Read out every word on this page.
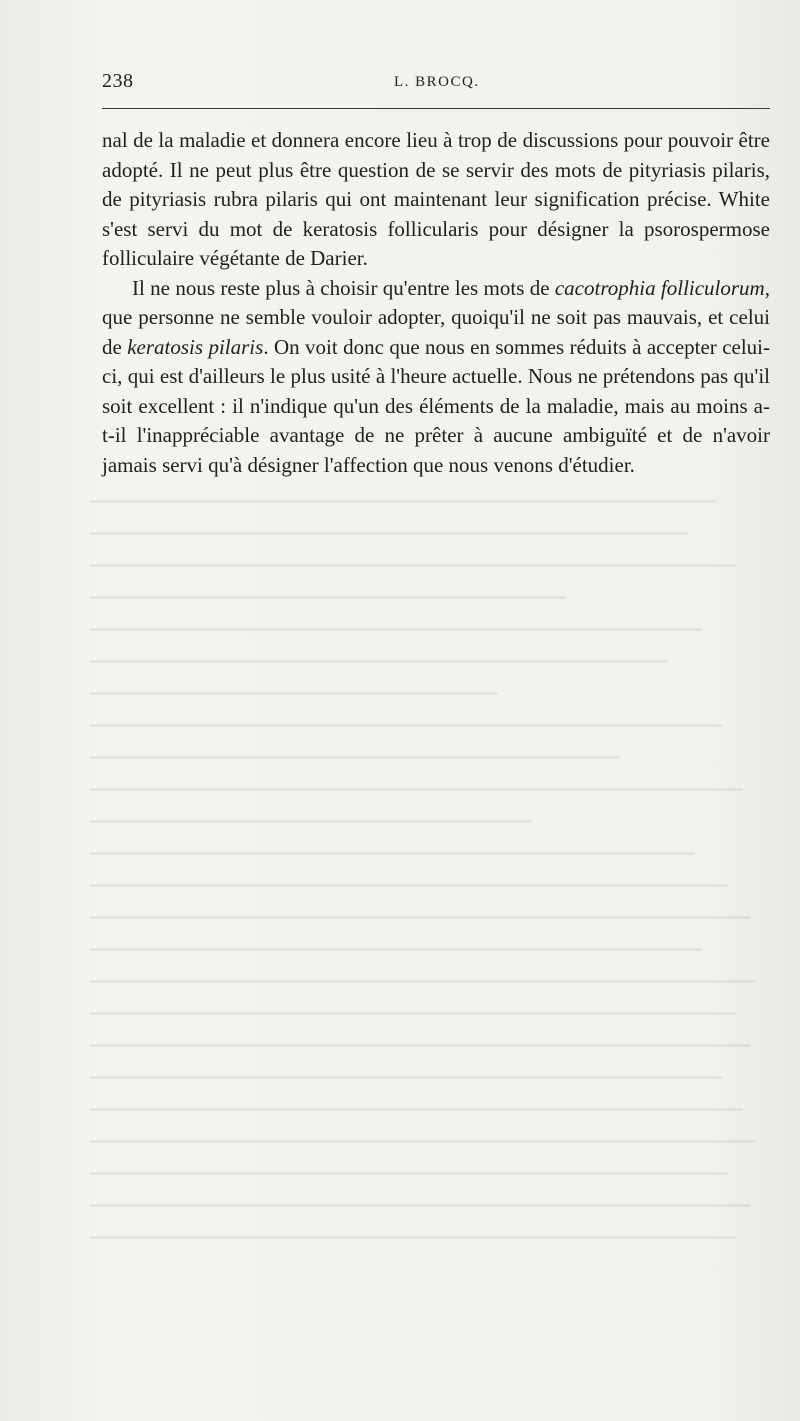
238	L. BROCQ.

nal de la maladie et donnera encore lieu à trop de discussions pour pouvoir être adopté. Il ne peut plus être question de se servir des mots de pityriasis pilaris, de pityriasis rubra pilaris qui ont maintenant leur signification précise. White s'est servi du mot de keratosis follicularis pour désigner la psorospermose folliculaire végétante de Darier.

Il ne nous reste plus à choisir qu'entre les mots de cacotrophia folliculorum, que personne ne semble vouloir adopter, quoiqu'il ne soit pas mauvais, et celui de keratosis pilaris. On voit donc que nous en sommes réduits à accepter celui-ci, qui est d'ailleurs le plus usité à l'heure actuelle. Nous ne prétendons pas qu'il soit excellent : il n'indique qu'un des éléments de la maladie, mais au moins a-t-il l'inappréciable avantage de ne prêter à aucune ambiguïté et de n'avoir jamais servi qu'à désigner l'affection que nous venons d'étudier.
